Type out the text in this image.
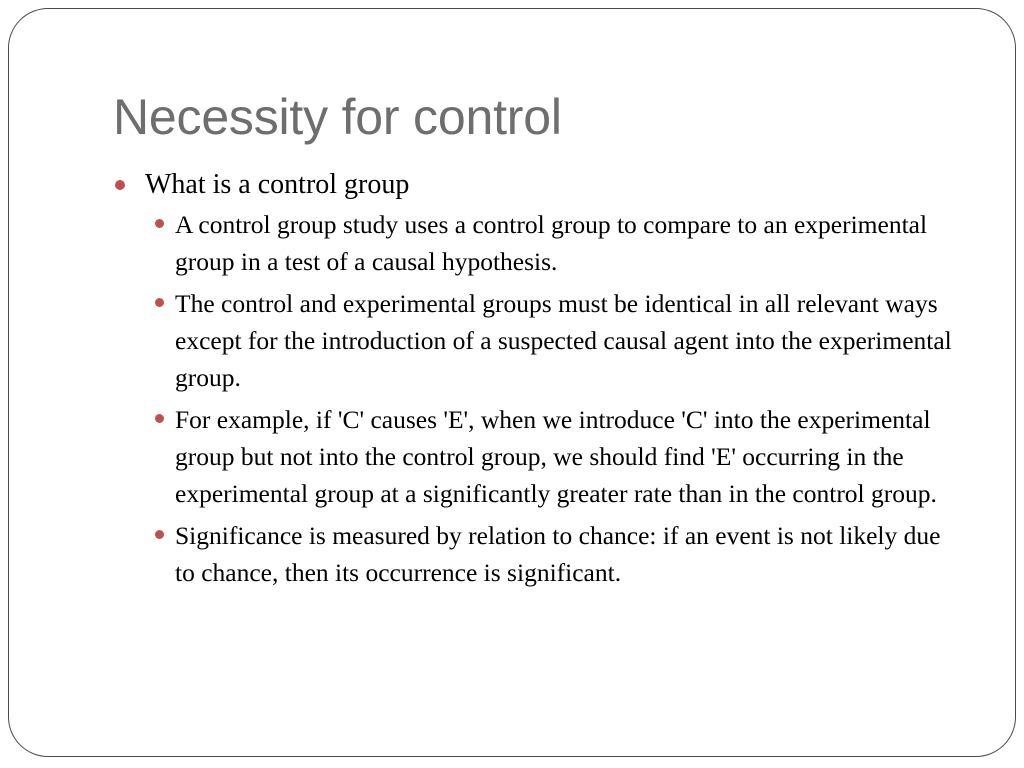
Necessity for control
What is a control group
A control group study uses a control group to compare to an experimental group in a test of a causal hypothesis.
The control and experimental groups must be identical in all relevant ways except for the introduction of a suspected causal agent into the experimental group.
For example, if 'C' causes 'E', when we introduce 'C' into the experimental group but not into the control group, we should find 'E' occurring in the experimental group at a significantly greater rate than in the control group.
Significance is measured by relation to chance: if an event is not likely due to chance, then its occurrence is significant.
